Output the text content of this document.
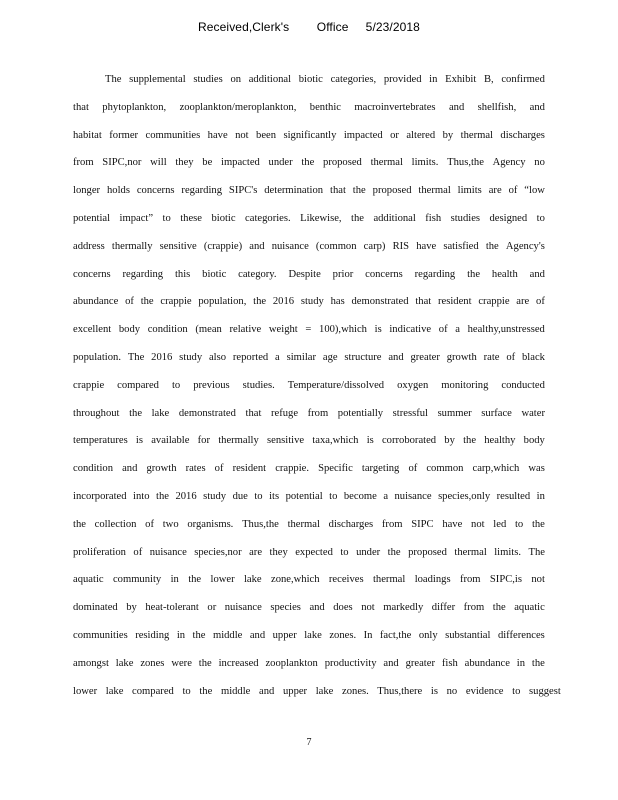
Received,Clerk's Office 5/23/2018
The supplemental studies on additional biotic categories, provided in Exhibit B, confirmed
that phytoplankton, zooplankton/meroplankton, benthic macroinvertebrates and shellfish, and
habitat former communities have not been significantly impacted or altered by thermal discharges
from SIPC,nor will they be impacted under the proposed thermal limits. Thus,the Agency no
longer holds concerns regarding SIPC's determination that the proposed thermal limits are of “low
potential impact” to these biotic categories. Likewise, the additional fish studies designed to
address thermally sensitive (crappie) and nuisance (common carp) RIS have satisfied the Agency's
concerns regarding this biotic category. Despite prior concerns regarding the health and
abundance of the crappie population, the 2016 study has demonstrated that resident crappie are of
excellent body condition (mean relative weight = 100),which is indicative of a healthy,unstressed
population. The 2016 study also reported a similar age structure and greater growth rate of black
crappie compared to previous studies. Temperature/dissolved oxygen monitoring conducted
throughout the lake demonstrated that refuge from potentially stressful summer surface water
temperatures is available for thermally sensitive taxa,which is corroborated by the healthy body
condition and growth rates of resident crappie. Specific targeting of common carp,which was
incorporated into the 2016 study due to its potential to become a nuisance species,only resulted in
the collection of two organisms. Thus,the thermal discharges from SIPC have not led to the
proliferation of nuisance species,nor are they expected to under the proposed thermal limits. The
aquatic community in the lower lake zone,which receives thermal loadings from SIPC,is not
dominated by heat-tolerant or nuisance species and does not markedly differ from the aquatic
communities residing in the middle and upper lake zones. In fact,the only substantial differences
amongst lake zones were the increased zooplankton productivity and greater fish abundance in the
lower lake compared to the middle and upper lake zones. Thus,there is no evidence to suggest
7
